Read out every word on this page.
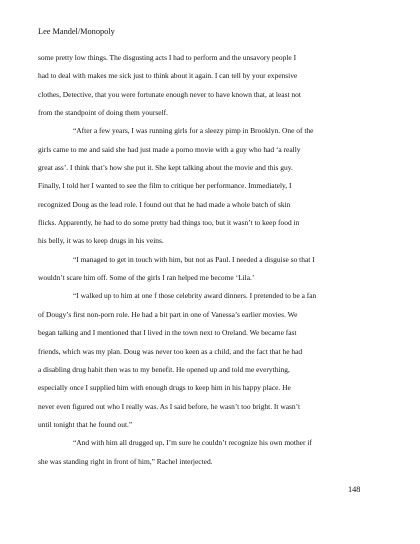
Lee Mandel/Monopoly
some pretty low things. The disgusting acts I had to perform and the unsavory people I
had to deal with makes me sick just to think about it again. I can tell by your expensive
clothes, Detective, that you were fortunate enough never to have known that, at least not
from the standpoint of doing them yourself.
“After a few years, I was running girls for a sleezy pimp in Brooklyn. One of the
girls came to me and said she had just made a porno movie with a guy who had ‘a really
great ass’. I think that’s how she put it. She kept talking about the movie and this guy.
Finally, I told her I wanted to see the film to critique her performance. Immediately, I
recognized Doug as the lead role. I found out that he had made a whole batch of skin
flicks. Apparently, he had to do some pretty bad things too, but it wasn’t to keep food in
his belly, it was to keep drugs in his veins.
“I managed to get in touch with him, but not as Paul. I needed a disguise so that I
wouldn’t scare him off. Some of the girls I ran helped me become ‘Lila.’
“I walked up to him at one f those celebrity award dinners. I pretended to be a fan
of Dougy’s first non-porn role. He had a bit part in one of Vanessa’s earlier movies. We
began talking and I mentioned that I lived in the town next to Oreland. We became fast
friends, which was my plan. Doug was never too keen as a child, and the fact that he had
a disabling drug habit then was to my benefit. He opened up and told me everything,
especially once I supplied him with enough drugs to keep him in his happy place. He
never even figured out who I really was. As I said before, he wasn’t too bright. It wasn’t
until tonight that he found out.”
“And with him all drugged up, I’m sure he couldn’t recognize his own mother if
she was standing right in front of him,” Rachel interjected.
148
